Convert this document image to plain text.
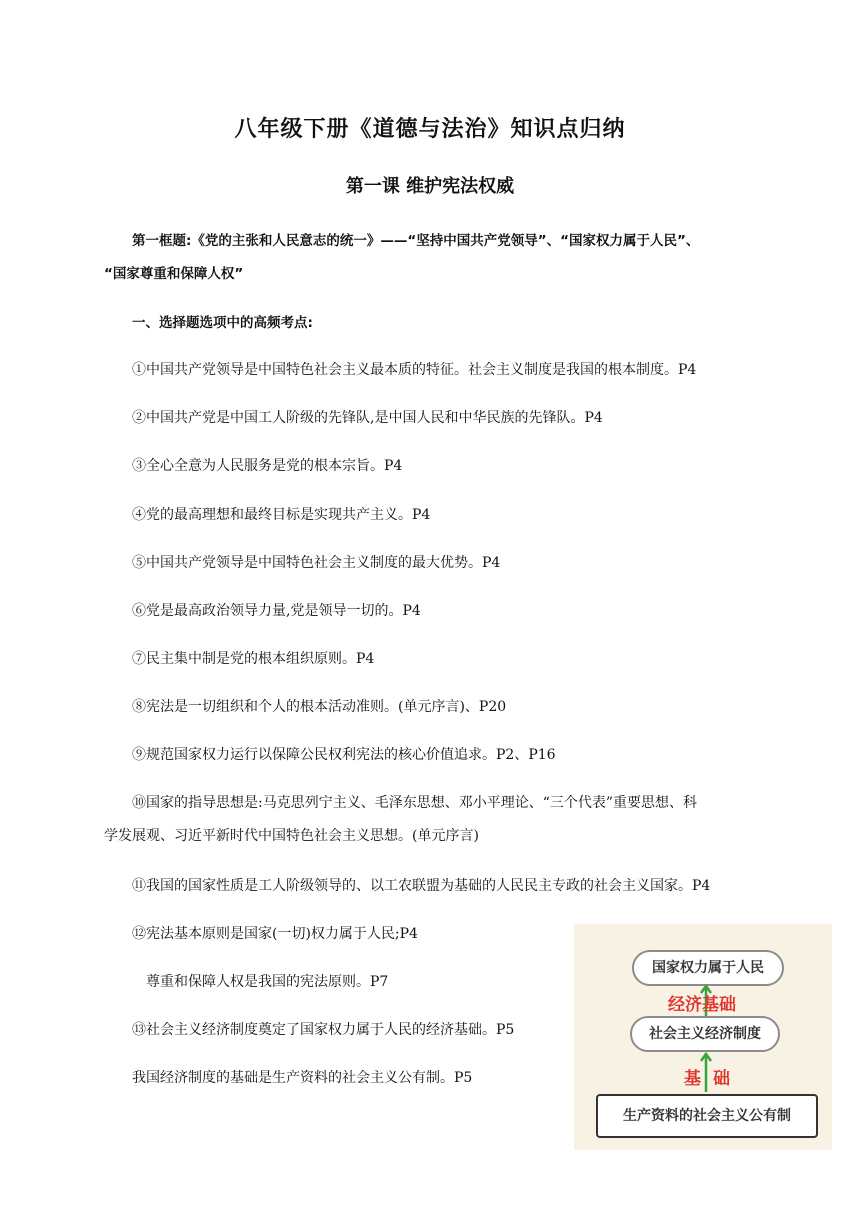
八年级下册《道德与法治》知识点归纳
第一课 维护宪法权威
第一框题:《党的主张和人民意志的统一》——“坚持中国共产党领导”、“国家权力属于人民”、
“国家尊重和保障人权”
一、选择题选项中的高频考点:
①中国共产党领导是中国特色社会主义最本质的特征。社会主义制度是我国的根本制度。P4
②中国共产党是中国工人阶级的先锋队,是中国人民和中华民族的先锋队。P4
③全心全意为人民服务是党的根本宗旨。P4
④党的最高理想和最终目标是实现共产主义。P4
⑤中国共产党领导是中国特色社会主义制度的最大优势。P4
⑥党是最高政治领导力量,党是领导一切的。P4
⑦民主集中制是党的根本组织原则。P4
⑧宪法是一切组织和个人的根本活动准则。(单元序言)、P20
⑨规范国家权力运行以保障公民权利宪法的核心价值追求。P2、P16
⑩国家的指导思想是:马克思列宁主义、毛泽东思想、邓小平理论、“三个代表”重要思想、科
学发展观、习近平新时代中国特色社会主义思想。(单元序言)
⑪我国的国家性质是工人阶级领导的、以工农联盟为基础的人民民主专政的社会主义国家。P4
⑫宪法基本原则是国家(一切)权力属于人民;P4
尊重和保障人权是我国的宪法原则。P7
⑬社会主义经济制度奠定了国家权力属于人民的经济基础。P5
我国经济制度的基础是生产资料的社会主义公有制。P5
国家权力属于人民
经济基础
社会主义经济制度
基础
生产资料的社会主义公有制
